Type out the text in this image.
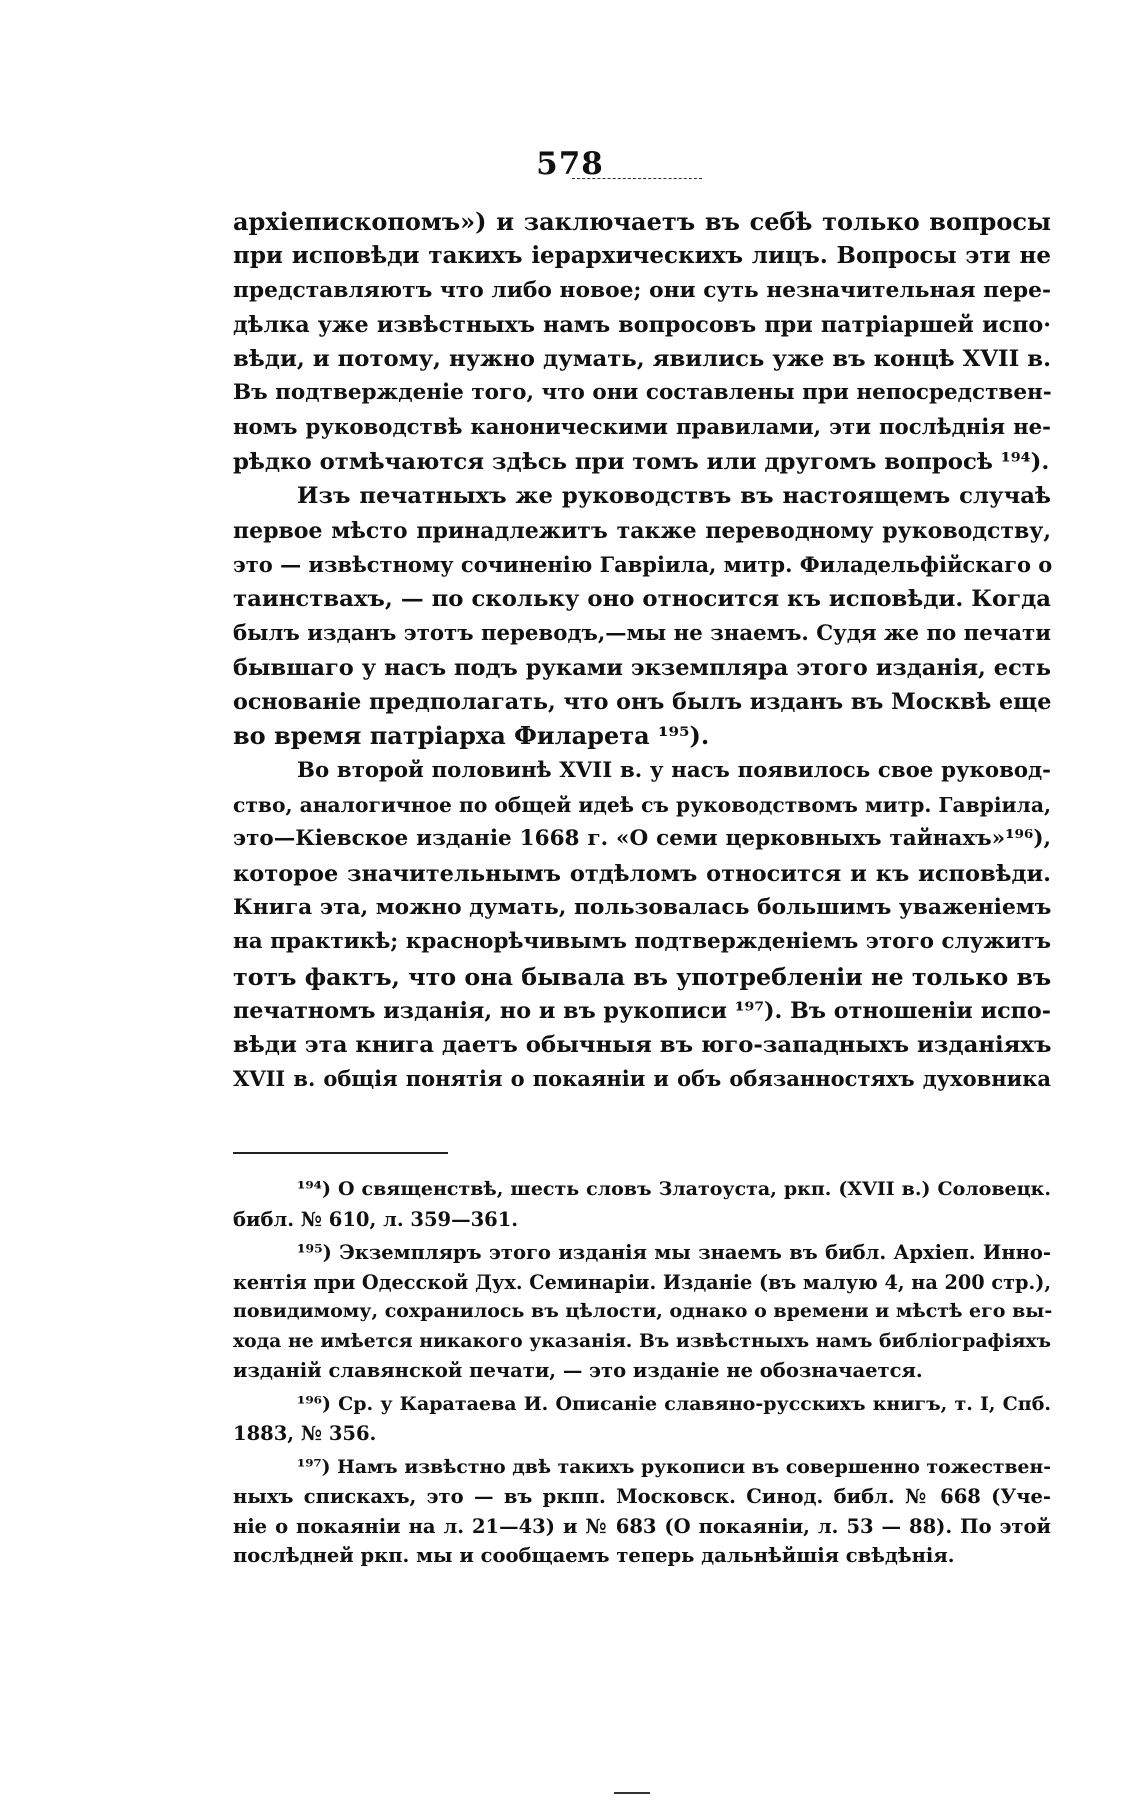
578
архіепископомъ») и заключаетъ въ себѣ только вопросы
при исповѣди такихъ іерархическихъ лицъ. Вопросы эти не
представляютъ что либо новое; они суть незначительная пере-
дѣлка уже извѣстныхъ намъ вопросовъ при патріаршей испо·
вѣди, и потому, нужно думать, явились уже въ концѣ XVII в.
Въ подтвержденіе того, что они составлены при непосредствен-
номъ руководствѣ каноническими правилами, эти послѣднія не-
рѣдко отмѣчаются здѣсь при томъ или другомъ вопросѣ ¹⁹⁴).
Изъ печатныхъ же руководствъ въ настоящемъ случаѣ
первое мѣсто принадлежитъ также переводному руководству,
это — извѣстному сочиненію Гавріила, митр. Филадельфійскаго о
таинствахъ, — по скольку оно относится къ исповѣди. Когда
былъ изданъ этотъ переводъ,—мы не знаемъ. Судя же по печати
бывшаго у насъ подъ руками экземпляра этого изданія, есть
основаніе предполагать, что онъ былъ изданъ въ Москвѣ еще
во время патріарха Филарета ¹⁹⁵).
Во второй половинѣ XVII в. у насъ появилось свое руковод-
ство, аналогичное по общей идеѣ съ руководствомъ митр. Гавріила,
это—Кіевское изданіе 1668 г. «О семи церковныхъ тайнахъ»¹⁹⁶),
которое значительнымъ отдѣломъ относится и къ исповѣди.
Книга эта, можно думать, пользовалась большимъ уваженіемъ
на практикѣ; краснорѣчивымъ подтвержденіемъ этого служитъ
тотъ фактъ, что она бывала въ употребленіи не только въ
печатномъ изданія, но и въ рукописи ¹⁹⁷). Въ отношеніи испо-
вѣди эта книга даетъ обычныя въ юго-западныхъ изданіяхъ
XVII в. общія понятія о покаяніи и объ обязанностяхъ духовника
¹⁹⁴) О священствѣ, шесть словъ Златоуста, ркп. (XVII в.) Соловецк.
библ. № 610, л. 359—361.
¹⁹⁵) Экземпляръ этого изданія мы знаемъ въ библ. Архіеп. Инно-
кентія при Одесской Дух. Семинаріи. Изданіе (въ малую 4, на 200 стр.),
повидимому, сохранилось въ цѣлости, однако о времени и мѣстѣ его вы-
хода не имѣется никакого указанія. Въ извѣстныхъ намъ библіографіяхъ
изданій славянской печати, — это изданіе не обозначается.
¹⁹⁶) Ср. у Каратаева И. Описаніе славяно-русскихъ книгъ, т. I, Спб.
1883, № 356.
¹⁹⁷) Намъ извѣстно двѣ такихъ рукописи въ совершенно тожествен-
ныхъ спискахъ, это — въ ркпп. Московск. Синод. библ. № 668 (Уче-
ніе о покаяніи на л. 21—43) и № 683 (О покаяніи, л. 53 — 88). По этой
послѣдней ркп. мы и сообщаемъ теперь дальнѣйшія свѣдѣнія.
